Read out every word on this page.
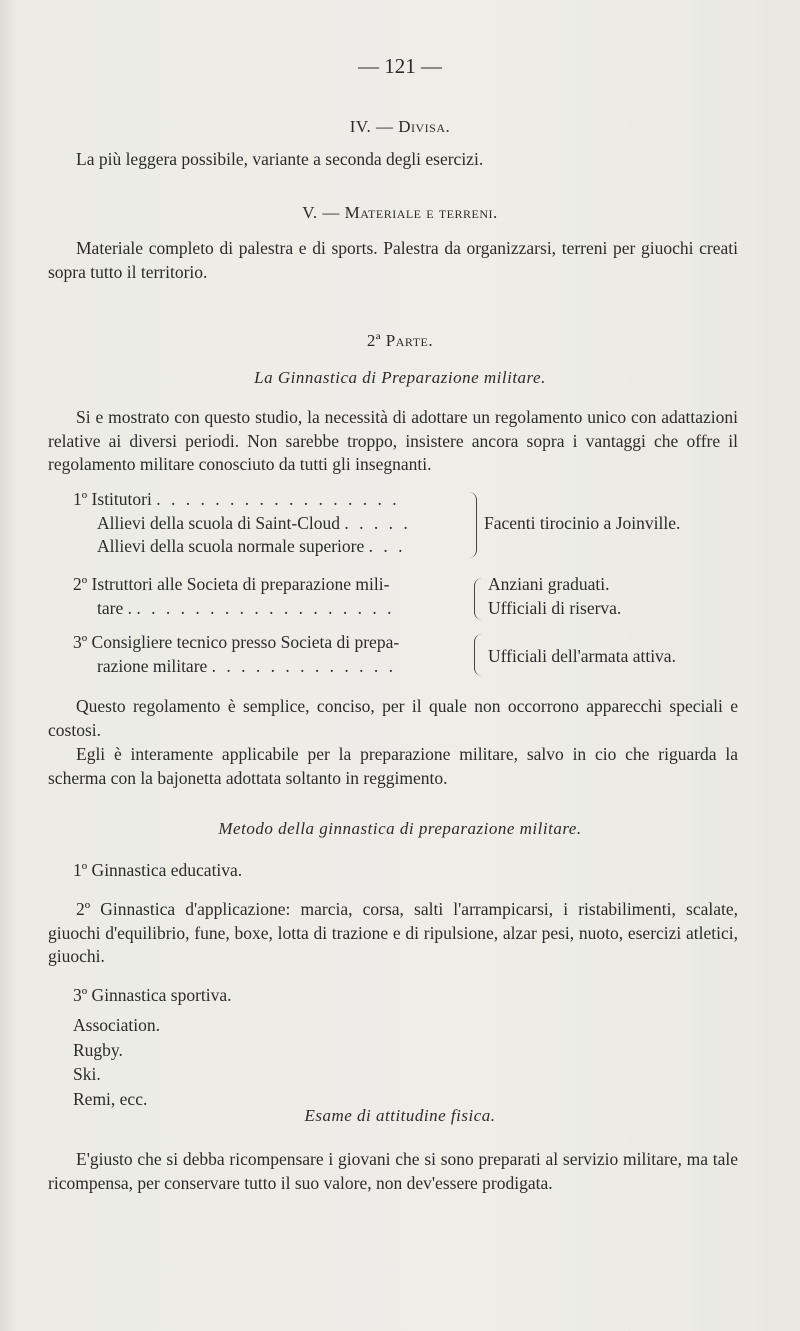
— 121 —
IV. — Divisa.
La più leggera possibile, variante a seconda degli esercizi.
V. — Materiale e terreni.
Materiale completo di palestra e di sports. Palestra da organizzarsi, terreni per giuochi creati sopra tutto il territorio.
2ª Parte.
La Ginnastica di Preparazione militare.
Si e mostrato con questo studio, la necessità di adottare un regolamento unico con adattazioni relative ai diversi periodi. Non sarebbe troppo, insistere ancora sopra i vantaggi che offre il regolamento militare conosciuto da tutti gli insegnanti.
1º Istitutori . . . . . . . . . . . . . . . . .
Allievi della scuola di Saint-Cloud . . . . .
Allievi della scuola normale superiore . . .
Facenti tirocinio a Joinville.
2º Istruttori alle Societa di preparazione mili-
tare . . . . . . . . . . . . . . . . . . .
Anziani graduati.
Ufficiali di riserva.
3º Consigliere tecnico presso Societa di prepa-
razione militare . . . . . . . . . . . . .	Ufficiali dell'armata attiva.
Questo regolamento è semplice, conciso, per il quale non occorrono apparecchi speciali e costosi.
Egli è interamente applicabile per la preparazione militare, salvo in cio che riguarda la scherma con la bajonetta adottata soltanto in reggimento.
Metodo della ginnastica di preparazione militare.
1º Ginnastica educativa.
2º Ginnastica d'applicazione: marcia, corsa, salti l'arrampicarsi, i ristabilimenti, scalate, giuochi d'equilibrio, fune, boxe, lotta di trazione e di ripulsione, alzar pesi, nuoto, esercizi atletici, giuochi.
3º Ginnastica sportiva.
Association.
Rugby.
Ski.
Remi, ecc.
Esame di attitudine fisica.
E'giusto che si debba ricompensare i giovani che si sono preparati al servizio militare, ma tale ricompensa, per conservare tutto il suo valore, non dev'essere prodigata.
